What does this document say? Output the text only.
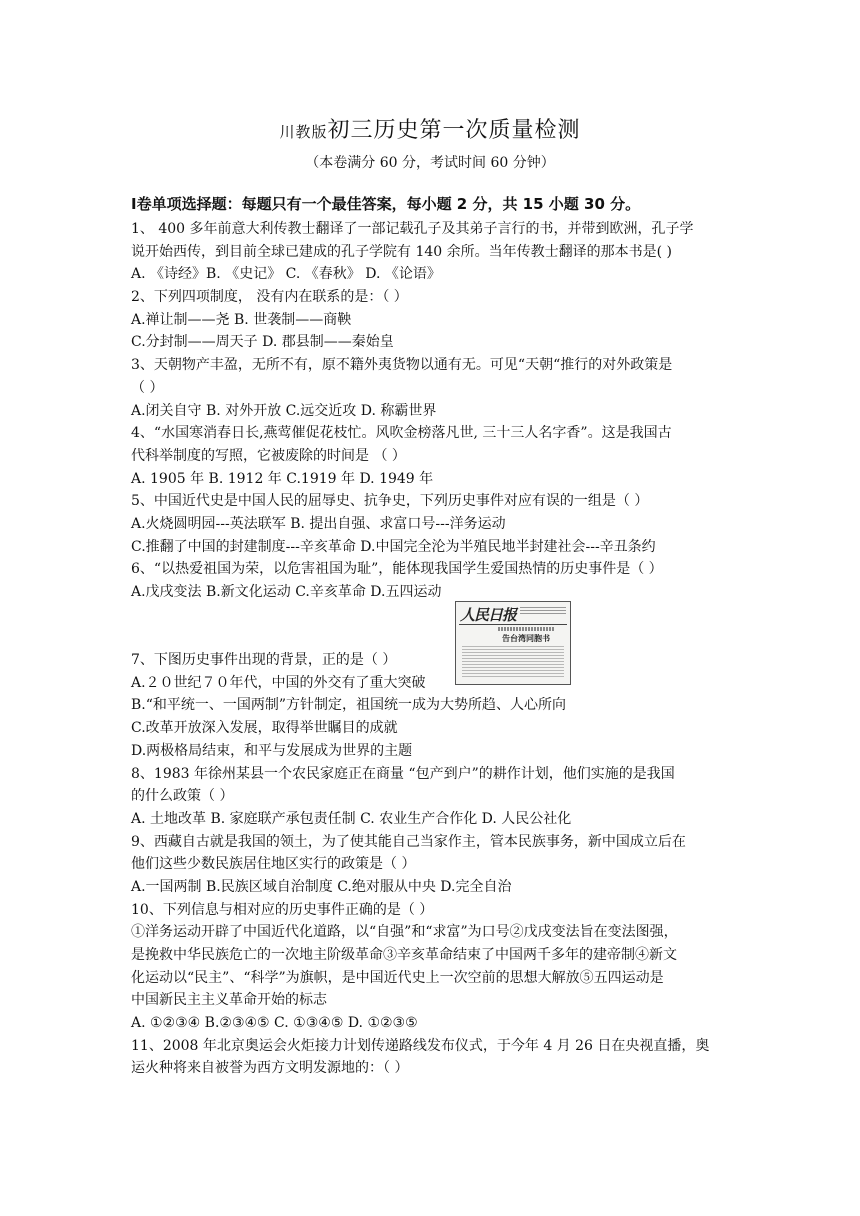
川教版初三历史第一次质量检测
（本卷满分 60 分，考试时间 60 分钟）
Ⅰ卷单项选择题：每题只有一个最佳答案，每小题 2 分，共 15 小题 30 分。
1、 400 多年前意大利传教士翻译了一部记载孔子及其弟子言行的书，并带到欧洲，孔子学
说开始西传，到目前全球已建成的孔子学院有 140 余所。当年传教士翻译的那本书是( )
A. 《诗经》B. 《史记》 C. 《春秋》 D. 《论语》
2、下列四项制度， 没有内在联系的是：（ ）
A.禅让制——尧 B. 世袭制——商鞅
C.分封制——周天子 D. 郡县制——秦始皇
3、天朝物产丰盈，无所不有，原不籍外夷货物以通有无。可见“天朝“推行的对外政策是
（ ）
A.闭关自守 B. 对外开放 C.远交近攻 D. 称霸世界
4、“水国寒消春日长,燕莺催促花枝忙。风吹金榜落凡世, 三十三人名字香”。这是我国古
代科举制度的写照，它被废除的时间是 （ ）
A. 1905 年 B. 1912 年 C.1919 年 D. 1949 年
5、中国近代史是中国人民的屈辱史、抗争史，下列历史事件对应有误的一组是（ ）
A.火烧圆明园---英法联军 B. 提出自强、求富口号---洋务运动
C.推翻了中国的封建制度---辛亥革命 D.中国完全沦为半殖民地半封建社会---辛丑条约
6、“以热爱祖国为荣，以危害祖国为耻”，能体现我国学生爱国热情的历史事件是（ ）
A.戊戌变法 B.新文化运动 C.辛亥革命 D.五四运动
7、下图历史事件出现的背景，正的是（ ）
A.２０世纪７０年代，中国的外交有了重大突破
B.“和平统一、一国两制”方针制定，祖国统一成为大势所趋、人心所向
C.改革开放深入发展，取得举世瞩目的成就
D.两极格局结束，和平与发展成为世界的主题
8、1983 年徐州某县一个农民家庭正在商量 “包产到户”的耕作计划，他们实施的是我国
的什么政策（ ）
A. 土地改革 B. 家庭联产承包责任制 C. 农业生产合作化 D. 人民公社化
9、西藏自古就是我国的领土，为了使其能自己当家作主，管本民族事务，新中国成立后在
他们这些少数民族居住地区实行的政策是（ ）
A.一国两制 B.民族区域自治制度 C.绝对服从中央 D.完全自治
10、下列信息与相对应的历史事件正确的是（ ）
①洋务运动开辟了中国近代化道路，以“自强”和“求富”为口号②戊戌变法旨在变法图强，
是挽救中华民族危亡的一次地主阶级革命③辛亥革命结束了中国两千多年的建帝制④新文
化运动以“民主”、“科学”为旗帜，是中国近代史上一次空前的思想大解放⑤五四运动是
中国新民主主义革命开始的标志
A. ①②③④ B.②③④⑤ C. ①③④⑤ D. ①②③⑤
11、2008 年北京奥运会火炬接力计划传递路线发布仪式，于今年 4 月 26 日在央视直播，奥
运火种将来自被誉为西方文明发源地的：（ ）
人民日报
告台湾同胞书
